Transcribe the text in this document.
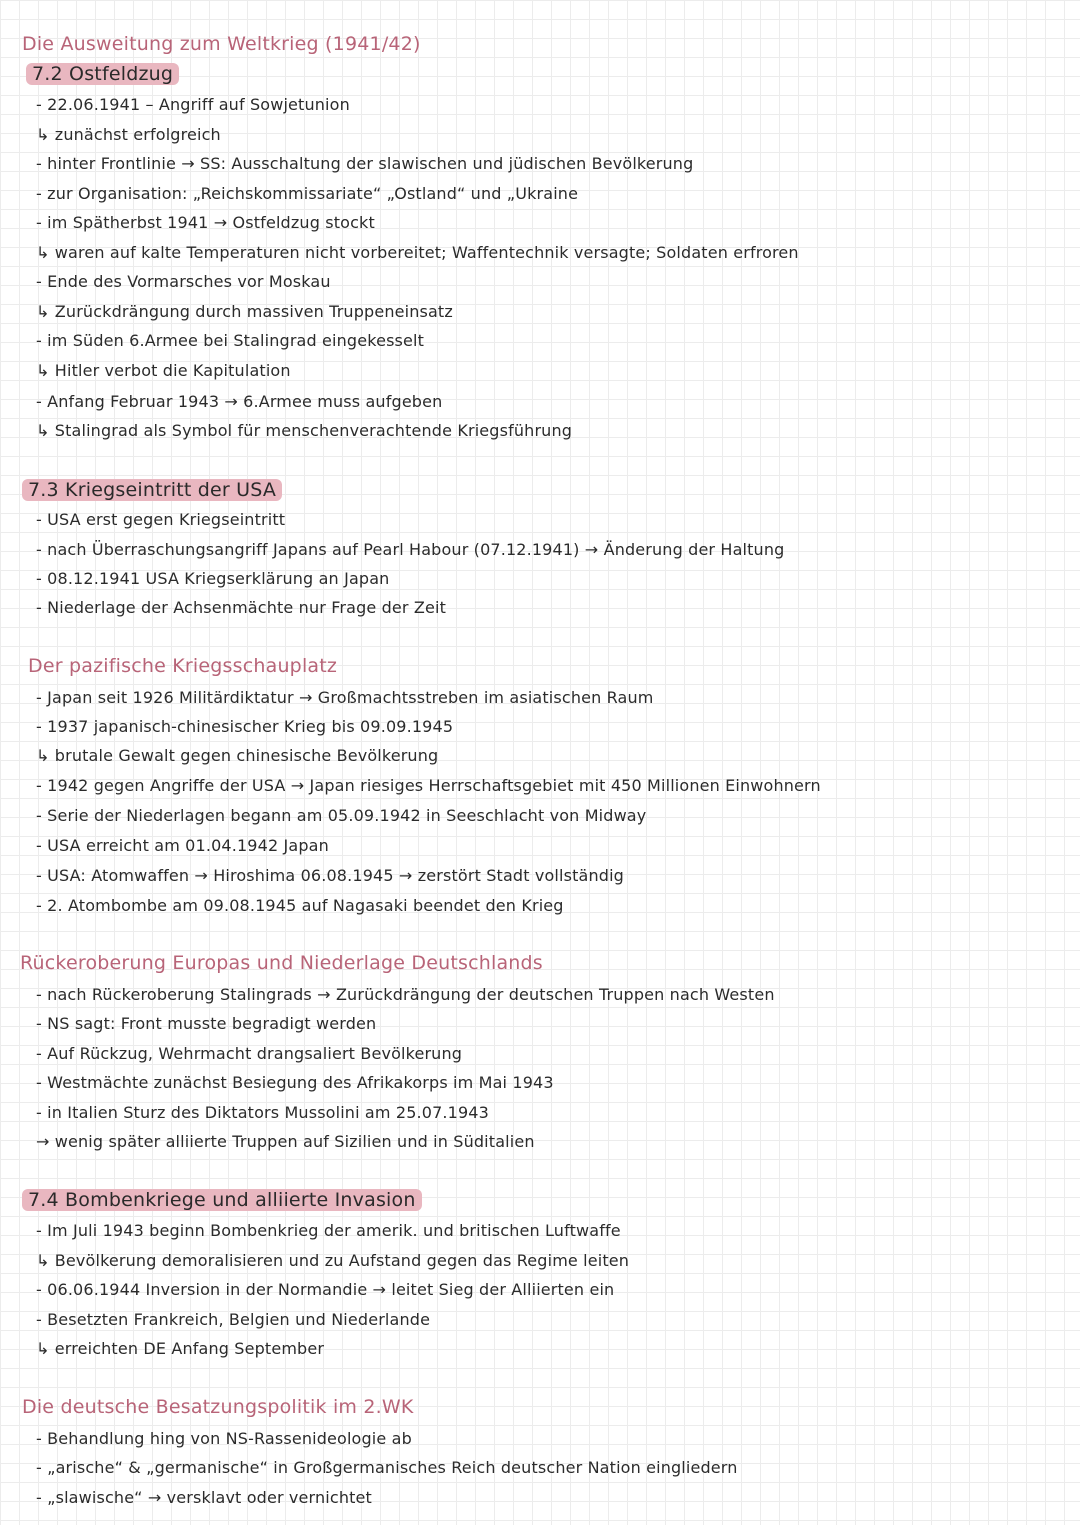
Die Ausweitung zum Weltkrieg (1941/42)
7.2 Ostfeldzug
- 22.06.1941 – Angriff auf Sowjetunion
↳ zunächst erfolgreich
- hinter Frontlinie → SS: Ausschaltung der slawischen und jüdischen Bevölkerung
- zur Organisation: „Reichskommissariate“ „Ostland“ und „Ukraine
- im Spätherbst 1941 → Ostfeldzug stockt
↳ waren auf kalte Temperaturen nicht vorbereitet; Waffentechnik versagte; Soldaten erfroren
- Ende des Vormarsches vor Moskau
↳ Zurückdrängung durch massiven Truppeneinsatz
- im Süden 6.Armee bei Stalingrad eingekesselt
↳ Hitler verbot die Kapitulation
- Anfang Februar 1943 → 6.Armee muss aufgeben
↳ Stalingrad als Symbol für menschenverachtende Kriegsführung
7.3 Kriegseintritt der USA
- USA erst gegen Kriegseintritt
- nach Überraschungsangriff Japans auf Pearl Habour (07.12.1941) → Änderung der Haltung
- 08.12.1941 USA Kriegserklärung an Japan
- Niederlage der Achsenmächte nur Frage der Zeit
Der pazifische Kriegsschauplatz
- Japan seit 1926 Militärdiktatur → Großmachtsstreben im asiatischen Raum
- 1937 japanisch-chinesischer Krieg bis 09.09.1945
↳ brutale Gewalt gegen chinesische Bevölkerung
- 1942 gegen Angriffe der USA → Japan riesiges Herrschaftsgebiet mit 450 Millionen Einwohnern
- Serie der Niederlagen begann am 05.09.1942 in Seeschlacht von Midway
- USA erreicht am 01.04.1942 Japan
- USA: Atomwaffen → Hiroshima 06.08.1945 → zerstört Stadt vollständig
- 2. Atombombe am 09.08.1945 auf Nagasaki beendet den Krieg
Rückeroberung Europas und Niederlage Deutschlands
- nach Rückeroberung Stalingrads → Zurückdrängung der deutschen Truppen nach Westen
- NS sagt: Front musste begradigt werden
- Auf Rückzug, Wehrmacht drangsaliert Bevölkerung
- Westmächte zunächst Besiegung des Afrikakorps im Mai 1943
- in Italien Sturz des Diktators Mussolini am 25.07.1943
→ wenig später alliierte Truppen auf Sizilien und in Süditalien
7.4 Bombenkriege und alliierte Invasion
- Im Juli 1943 beginn Bombenkrieg der amerik. und britischen Luftwaffe
↳ Bevölkerung demoralisieren und zu Aufstand gegen das Regime leiten
- 06.06.1944 Inversion in der Normandie → leitet Sieg der Alliierten ein
- Besetzten Frankreich, Belgien und Niederlande
↳ erreichten DE Anfang September
Die deutsche Besatzungspolitik im 2.WK
- Behandlung hing von NS-Rassenideologie ab
- „arische“ & „germanische“ in Großgermanisches Reich deutscher Nation eingliedern
- „slawische“ → versklavt oder vernichtet
